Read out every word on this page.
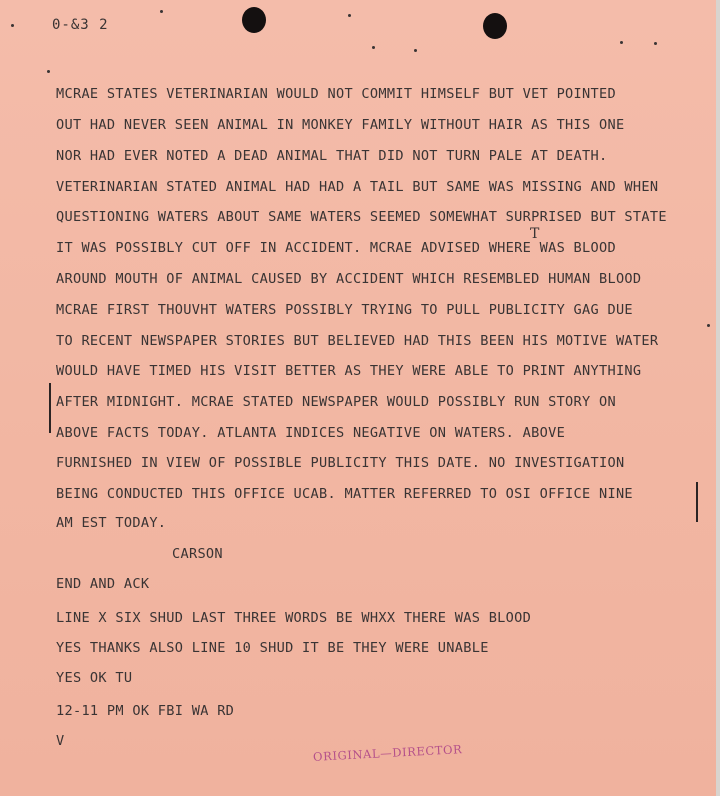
0-&3 2
MCRAE STATES VETERINARIAN WOULD NOT COMMIT HIMSELF BUT VET POINTED
OUT HAD NEVER SEEN ANIMAL IN MONKEY FAMILY WITHOUT HAIR AS THIS ONE
NOR HAD EVER NOTED A DEAD ANIMAL THAT DID NOT TURN PALE AT DEATH.
VETERINARIAN STATED ANIMAL HAD HAD A TAIL BUT SAME WAS MISSING AND WHEN
QUESTIONING WATERS ABOUT SAME WATERS SEEMED SOMEWHAT SURPRISED BUT STATE
IT WAS POSSIBLY CUT OFF IN ACCIDENT. MCRAE ADVISED WHERE WAS BLOOD
AROUND MOUTH OF ANIMAL CAUSED BY ACCIDENT WHICH RESEMBLED HUMAN BLOOD
MCRAE FIRST THOUVHT WATERS POSSIBLY TRYING TO PULL PUBLICITY GAG DUE
TO RECENT NEWSPAPER STORIES BUT BELIEVED HAD THIS BEEN HIS MOTIVE WATER
WOULD HAVE TIMED HIS VISIT BETTER AS THEY WERE ABLE TO PRINT ANYTHING
AFTER MIDNIGHT. MCRAE STATED NEWSPAPER WOULD POSSIBLY RUN STORY ON
ABOVE FACTS TODAY. ATLANTA INDICES NEGATIVE ON WATERS. ABOVE
FURNISHED IN VIEW OF POSSIBLE PUBLICITY THIS DATE. NO INVESTIGATION
BEING CONDUCTED THIS OFFICE UCAB. MATTER REFERRED TO OSI OFFICE NINE
AM EST TODAY.
T
CARSON
END AND ACK
LINE X SIX SHUD LAST THREE WORDS BE WHXX THERE WAS BLOOD
YES THANKS ALSO LINE 10 SHUD IT BE THEY WERE UNABLE
YES OK TU
12-11 PM OK FBI WA RD
V
ORIGINAL—DIRECTOR
